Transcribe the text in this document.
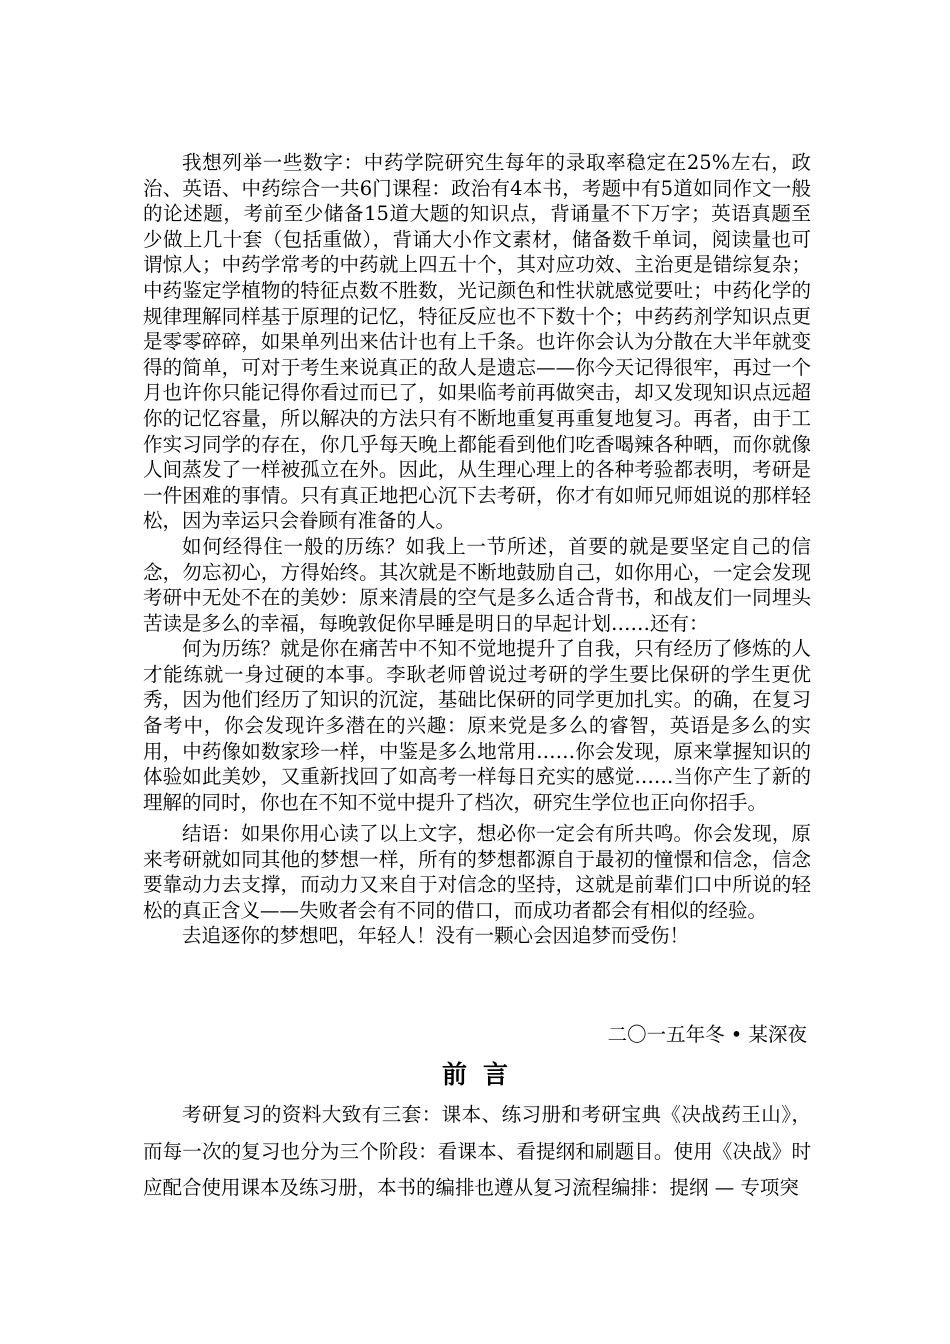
我想列举一些数字：中药学院研究生每年的录取率稳定在25%左右，政治、英语、中药综合一共6门课程：政治有4本书，考题中有5道如同作文一般的论述题，考前至少储备15道大题的知识点，背诵量不下万字；英语真题至少做上几十套（包括重做），背诵大小作文素材，储备数千单词，阅读量也可谓惊人；中药学常考的中药就上四五十个，其对应功效、主治更是错综复杂；中药鉴定学植物的特征点数不胜数，光记颜色和性状就感觉要吐；中药化学的规律理解同样基于原理的记忆，特征反应也不下数十个；中药药剂学知识点更是零零碎碎，如果单列出来估计也有上千条。也许你会认为分散在大半年就变得的简单，可对于考生来说真正的敌人是遗忘——你今天记得很牢，再过一个月也许你只能记得你看过而已了，如果临考前再做突击，却又发现知识点远超你的记忆容量，所以解决的方法只有不断地重复再重复地复习。再者，由于工作实习同学的存在，你几乎每天晚上都能看到他们吃香喝辣各种晒，而你就像人间蒸发了一样被孤立在外。因此，从生理心理上的各种考验都表明，考研是一件困难的事情。只有真正地把心沉下去考研，你才有如师兄师姐说的那样轻松，因为幸运只会眷顾有准备的人。

如何经得住一般的历练？如我上一节所述，首要的就是要坚定自己的信念，勿忘初心，方得始终。其次就是不断地鼓励自己，如你用心，一定会发现考研中无处不在的美妙：原来清晨的空气是多么适合背书，和战友们一同埋头苦读是多么的幸福，每晚敦促你早睡是明日的早起计划……还有：

何为历练？就是你在痛苦中不知不觉地提升了自我，只有经历了修炼的人才能练就一身过硬的本事。李耿老师曾说过考研的学生要比保研的学生更优秀，因为他们经历了知识的沉淀，基础比保研的同学更加扎实。的确，在复习备考中，你会发现许多潜在的兴趣：原来党是多么的睿智，英语是多么的实用，中药像如数家珍一样，中鉴是多么地常用……你会发现，原来掌握知识的体验如此美妙，又重新找回了如高考一样每日充实的感觉……当你产生了新的理解的同时，你也在不知不觉中提升了档次，研究生学位也正向你招手。

结语：如果你用心读了以上文字，想必你一定会有所共鸣。你会发现，原来考研就如同其他的梦想一样，所有的梦想都源自于最初的憧憬和信念，信念要靠动力去支撑，而动力又来自于对信念的坚持，这就是前辈们口中所说的轻松的真正含义——失败者会有不同的借口，而成功者都会有相似的经验。

去追逐你的梦想吧，年轻人！没有一颗心会因追梦而受伤！

二〇一五年冬 • 某深夜

前言

考研复习的资料大致有三套：课本、练习册和考研宝典《决战药王山》，而每一次的复习也分为三个阶段：看课本、看提纲和刷题目。使用《决战》时应配合使用课本及练习册，本书的编排也遵从复习流程编排：提纲 — 专项突
